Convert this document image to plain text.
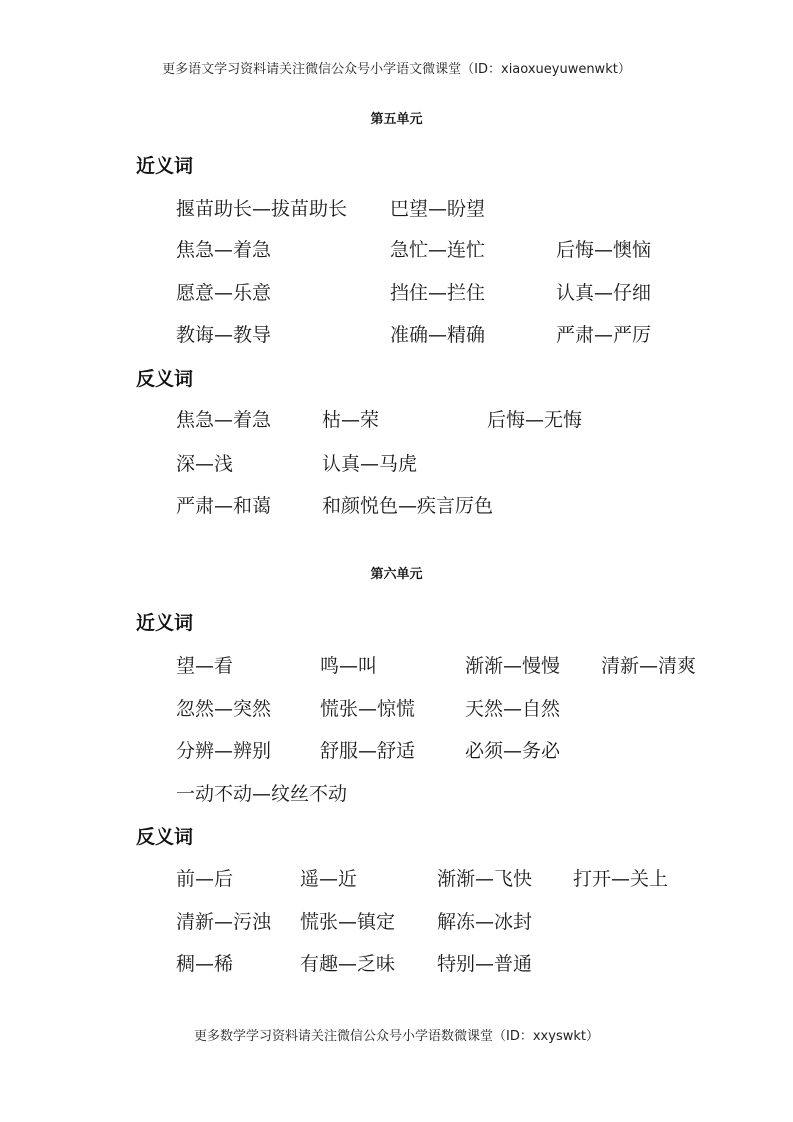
更多语文学习资料请关注微信公众号小学语文微课堂（ID：xiaoxueyuwenwkt）
第五单元
近义词
揠苗助长—拔苗助长 巴望—盼望
焦急—着急	急忙—连忙	后悔—懊恼
愿意—乐意	挡住—拦住	认真—仔细
教诲—教导	准确—精确	严肃—严厉
反义词
焦急—着急	枯—荣	后悔—无悔
深—浅	认真—马虎
严肃—和蔼	和颜悦色—疾言厉色
第六单元
近义词
望—看	鸣—叫	渐渐—慢慢 清新—清爽
忽然—突然	慌张—惊慌	天然—自然
分辨—辨别	舒服—舒适	必须—务必
一动不动—纹丝不动
反义词
前—后	遥—近	渐渐—飞快 打开—关上
清新—污浊 慌张—镇定 解冻—冰封
稠—稀	有趣—乏味 特别—普通
更多数学学习资料请关注微信公众号小学语数微课堂（ID：xxyswkt）
